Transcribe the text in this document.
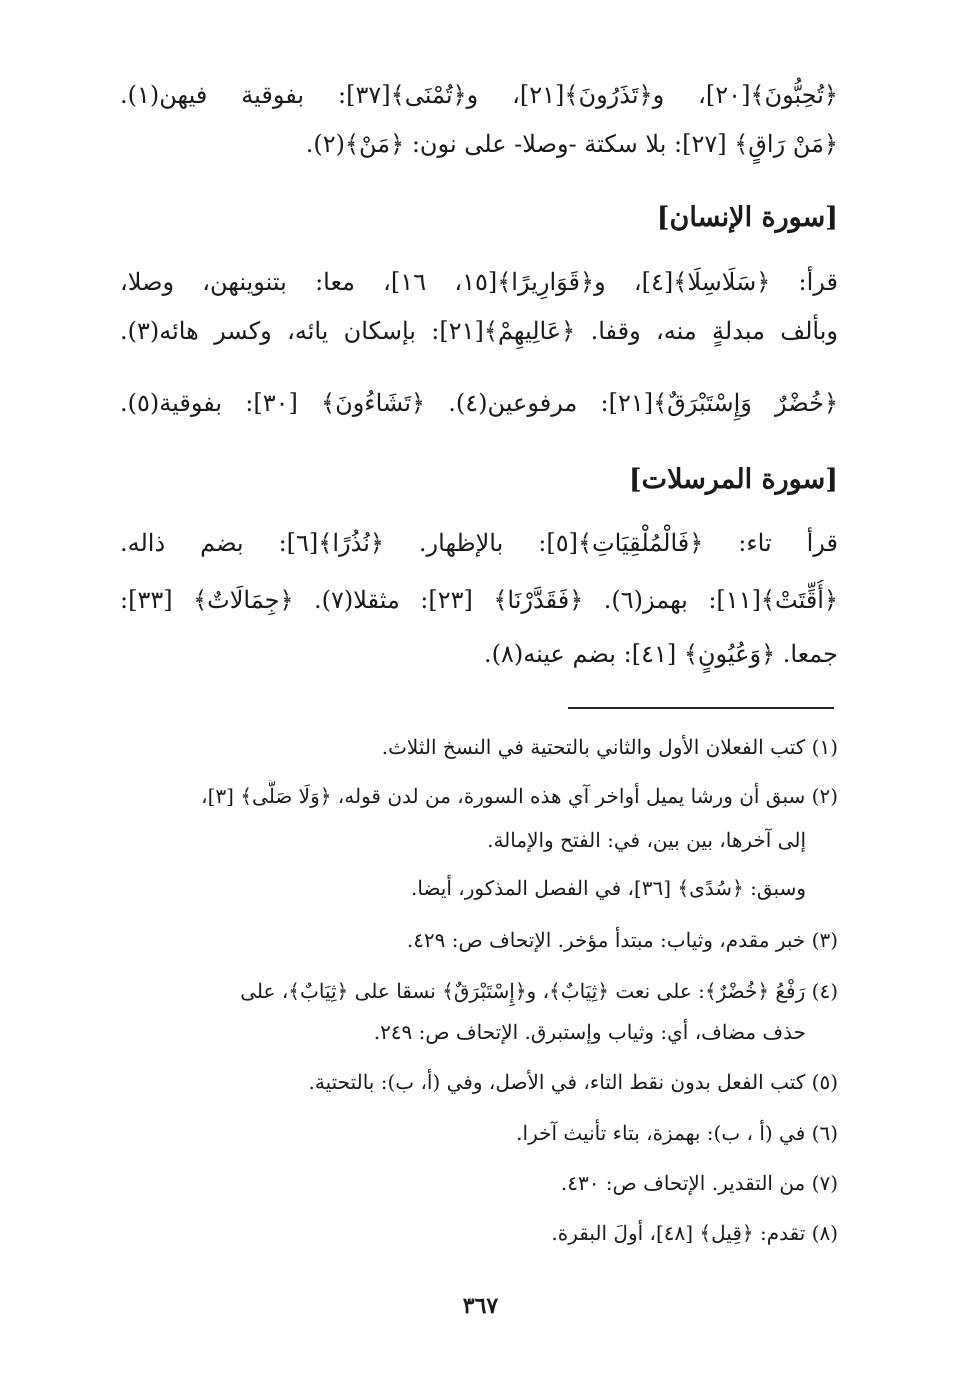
﴿تُحِبُّونَ﴾[٢٠]، و﴿تَذَرُونَ﴾[٢١]، و﴿تُمْنَى﴾[٣٧]: بفوقية فيهن(١).
﴿مَنْ رَاقٍ﴾ [٢٧]: بلا سكتة -وصلا- على نون: ﴿مَنْ﴾(٢).
[سورة الإنسان]
قرأ: ﴿سَلَاسِلَا﴾[٤]، و﴿قَوَارِيرًا﴾[١٥، ١٦]، معا: بتنوينهن، وصلا،
وبألف مبدلةٍ منه، وقفا. ﴿عَالِيهِمْ﴾[٢١]: بإسكان يائه، وكسر هائه(٣).
﴿خُضْرٌ وَإِسْتَبْرَقٌ﴾[٢١]: مرفوعين(٤). ﴿تَشَاءُونَ﴾ [٣٠]: بفوقية(٥).
[سورة المرسلات]
قرأ تاء: ﴿فَالْمُلْقِيَاتِ﴾[٥]: بالإظهار. ﴿نُذُرًا﴾[٦]: بضم ذاله.
﴿أُقِّتَتْ﴾[١١]: بهمز(٦). ﴿فَقَدَّرْنَا﴾ [٢٣]: مثقلا(٧). ﴿جِمَالَاتٌ﴾ [٣٣]:
جمعا. ﴿وَعُيُونٍ﴾ [٤١]: بضم عينه(٨).
(١) كتب الفعلان الأول والثاني بالتحتية في النسخ الثلاث.
(٢) سبق أن ورشا يميل أواخر آي هذه السورة، من لدن قوله، ﴿وَلَا صَلَّى﴾ [٣]،
إلى آخرها، بين بين، في: الفتح والإمالة.
وسبق: ﴿سُدًى﴾ [٣٦]، في الفصل المذكور، أيضا.
(٣) خبر مقدم، وثياب: مبتدأ مؤخر. الإتحاف ص: ٤٢٩.
(٤) رَفْعُ ﴿خُضْرٌ﴾: على نعت ﴿ثِيَابٌ﴾، و﴿إِسْتَبْرَقٌ﴾ نسقا على ﴿ثِيَابٌ﴾، على
حذف مضاف، أي: وثياب وإستبرق. الإتحاف ص: ٢٤٩.
(٥) كتب الفعل بدون نقط التاء، في الأصل، وفي (أ، ب): بالتحتية.
(٦) في (أ ، ب): بهمزة، بتاء تأنيث آخرا.
(٧) من التقدير. الإتحاف ص: ٤٣٠.
(٨) تقدم: ﴿قِيل﴾ [٤٨]، أولَ البقرة.
٣٦٧
